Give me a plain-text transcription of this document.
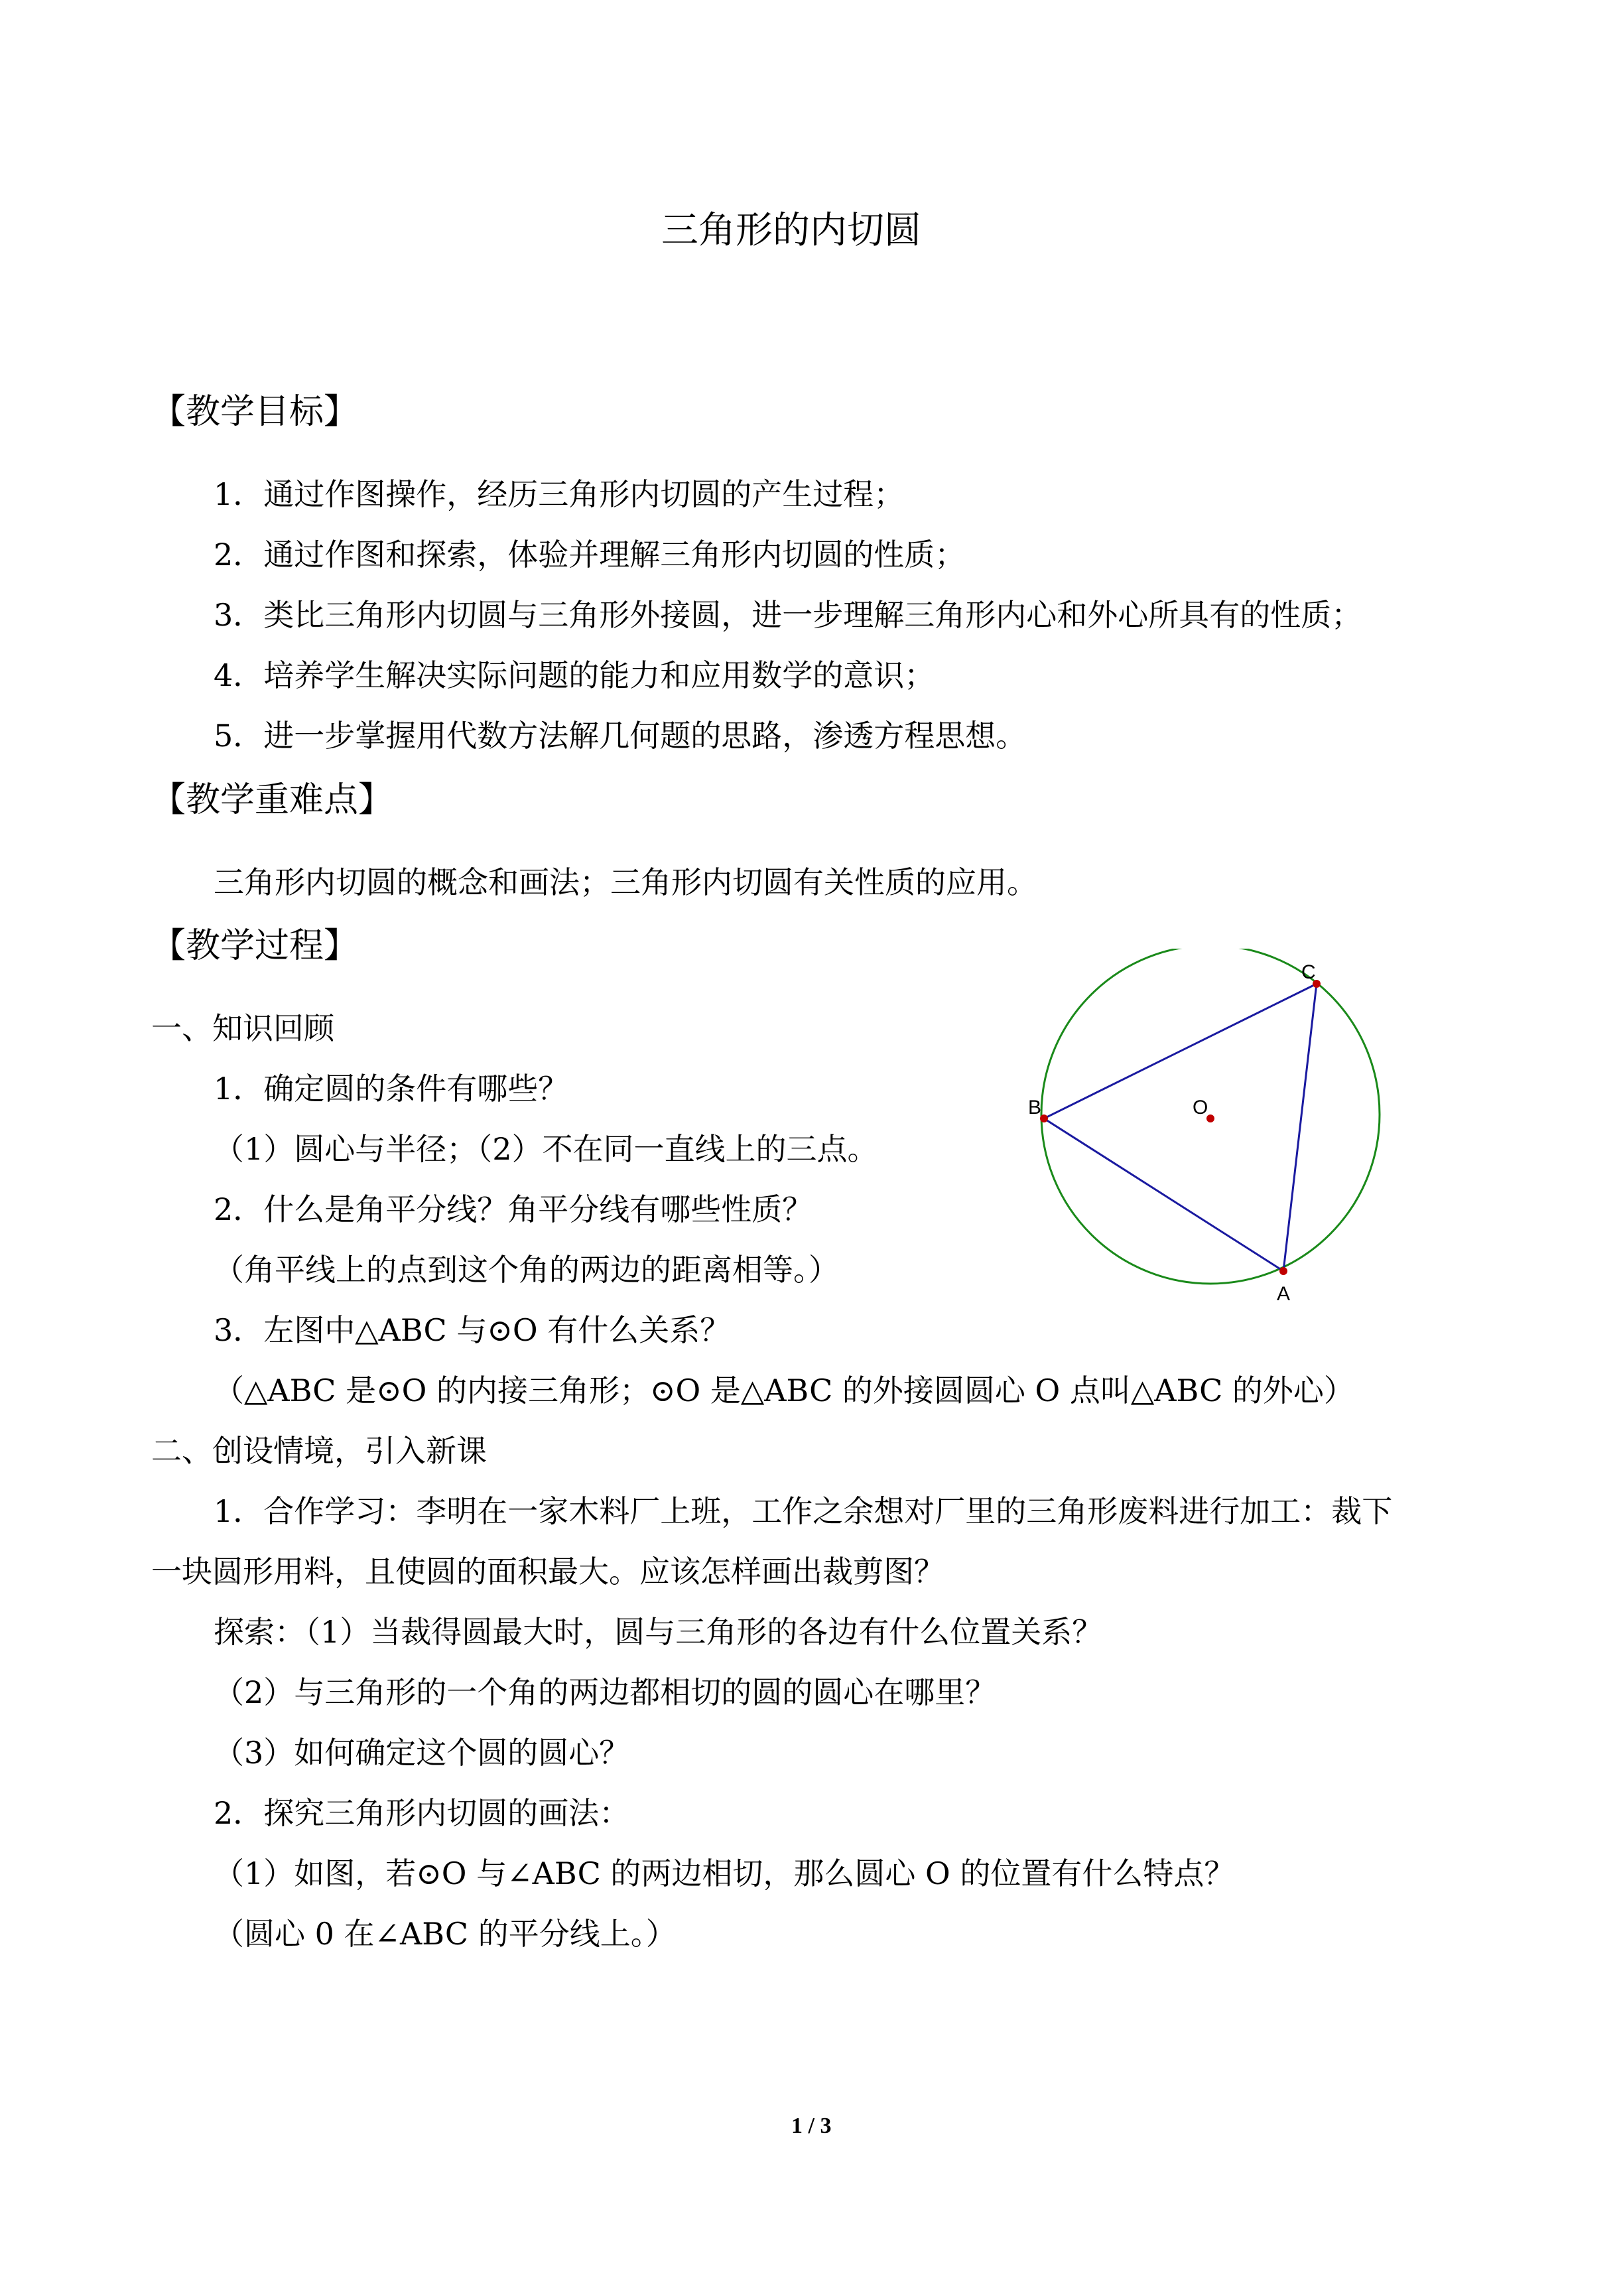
三角形的内切圆
【教学目标】
1．通过作图操作，经历三角形内切圆的产生过程；
2．通过作图和探索，体验并理解三角形内切圆的性质；
3．类比三角形内切圆与三角形外接圆，进一步理解三角形内心和外心所具有的性质；
4．培养学生解决实际问题的能力和应用数学的意识；
5．进一步掌握用代数方法解几何题的思路，渗透方程思想。
【教学重难点】
三角形内切圆的概念和画法；三角形内切圆有关性质的应用。
【教学过程】
一、知识回顾
1．确定圆的条件有哪些？
（1）圆心与半径；（2）不在同一直线上的三点。
2．什么是角平分线？角平分线有哪些性质？
（角平线上的点到这个角的两边的距离相等。）
3．左图中△ABC 与⊙O 有什么关系？
（△ABC 是⊙O 的内接三角形；⊙O 是△ABC 的外接圆圆心 O 点叫△ABC 的外心）
二、创设情境，引入新课
1．合作学习：李明在一家木料厂上班，工作之余想对厂里的三角形废料进行加工：裁下
一块圆形用料，且使圆的面积最大。应该怎样画出裁剪图？
探索：（1）当裁得圆最大时，圆与三角形的各边有什么位置关系？
（2）与三角形的一个角的两边都相切的圆的圆心在哪里？
（3）如何确定这个圆的圆心？
2．探究三角形内切圆的画法：
（1）如图，若⊙O 与∠ABC 的两边相切，那么圆心 O 的位置有什么特点？
（圆心 0 在∠ABC 的平分线上。）
C
B
A
O
1 / 3
